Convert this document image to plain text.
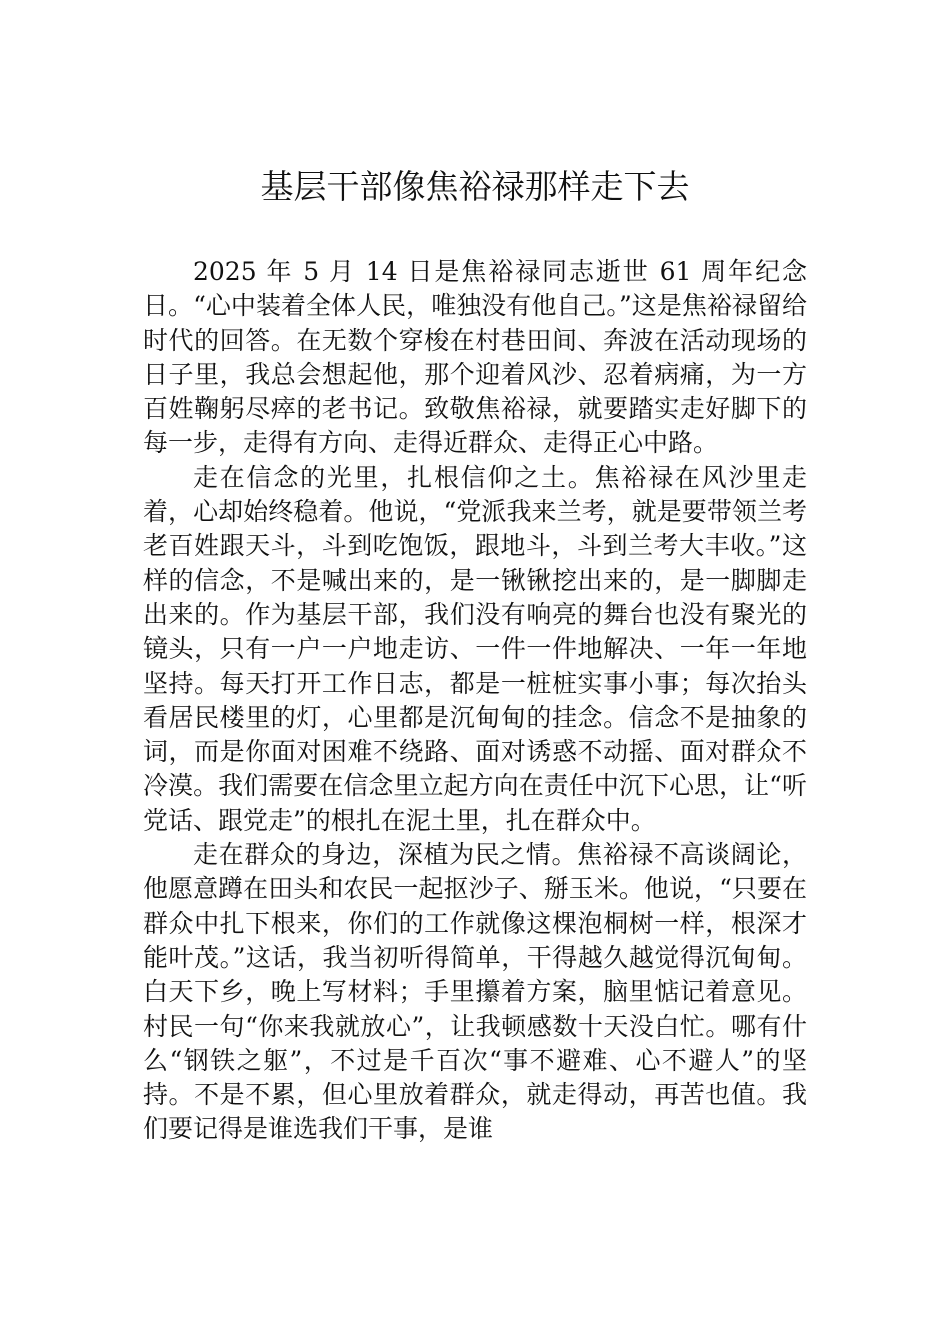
基层干部像焦裕禄那样走下去

2025 年 5 月 14 日是焦裕禄同志逝世 61 周年纪念日。“心中装着全体人民，唯独没有他自己。”这是焦裕禄留给时代的回答。在无数个穿梭在村巷田间、奔波在活动现场的日子里，我总会想起他，那个迎着风沙、忍着病痛，为一方百姓鞠躬尽瘁的老书记。致敬焦裕禄，就要踏实走好脚下的每一步，走得有方向、走得近群众、走得正心中路。

走在信念的光里，扎根信仰之土。焦裕禄在风沙里走着，心却始终稳着。他说，“党派我来兰考，就是要带领兰考老百姓跟天斗，斗到吃饱饭，跟地斗，斗到兰考大丰收。”这样的信念，不是喊出来的，是一锹锹挖出来的，是一脚脚走出来的。作为基层干部，我们没有响亮的舞台也没有聚光的镜头，只有一户一户地走访、一件一件地解决、一年一年地坚持。每天打开工作日志，都是一桩桩实事小事；每次抬头看居民楼里的灯，心里都是沉甸甸的挂念。信念不是抽象的词，而是你面对困难不绕路、面对诱惑不动摇、面对群众不冷漠。我们需要在信念里立起方向在责任中沉下心思，让“听党话、跟党走”的根扎在泥土里，扎在群众中。

走在群众的身边，深植为民之情。焦裕禄不高谈阔论，他愿意蹲在田头和农民一起抠沙子、掰玉米。他说，“只要在群众中扎下根来，你们的工作就像这棵泡桐树一样，根深才能叶茂。”这话，我当初听得简单，干得越久越觉得沉甸甸。白天下乡，晚上写材料；手里攥着方案，脑里惦记着意见。村民一句“你来我就放心”，让我顿感数十天没白忙。哪有什么“钢铁之躯”，不过是千百次“事不避难、心不避人”的坚持。不是不累，但心里放着群众，就走得动，再苦也值。我们要记得是谁选我们干事，是谁
